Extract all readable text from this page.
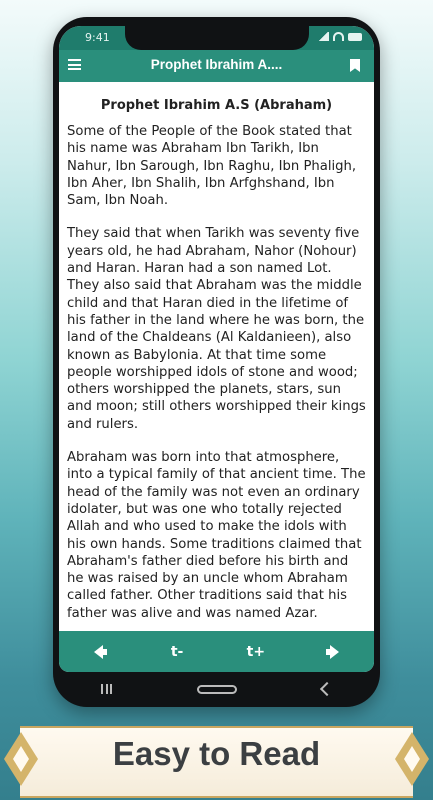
9:41
Prophet Ibrahim A....
Prophet Ibrahim A.S (Abraham)

Some of the People of the Book stated that his name was Abraham Ibn Tarikh, Ibn Nahur, Ibn Sarough, Ibn Raghu, Ibn Phaligh, Ibn Aher, Ibn Shalih, Ibn Arfghshand, Ibn Sam, Ibn Noah.

They said that when Tarikh was seventy five years old, he had Abraham, Nahor (Nohour) and Haran. Haran had a son named Lot. They also said that Abraham was the middle child and that Haran died in the lifetime of his father in the land where he was born, the land of the Chaldeans (Al Kaldanieen), also known as Babylonia. At that time some people worshipped idols of stone and wood; others worshipped the planets, stars, sun and moon; still others worshipped their kings and rulers.

Abraham was born into that atmosphere, into a typical family of that ancient time. The head of the family was not even an ordinary idolater, but was one who totally rejected Allah and who used to make the idols with his own hands. Some traditions claimed that Abraham's father died before his birth and he was raised by an uncle whom Abraham called father. Other traditions said that his father was alive and was named Azar.

t-	t+
Easy to Read
